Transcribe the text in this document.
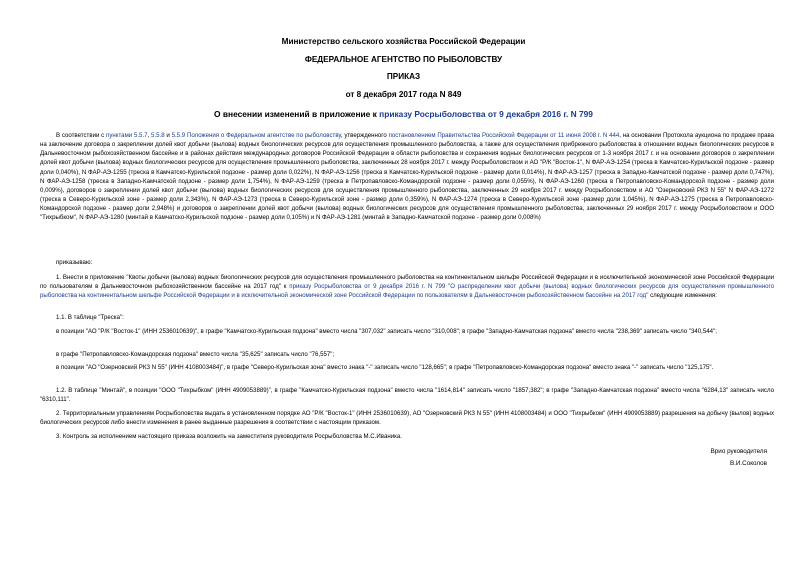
Министерство сельского хозяйства Российской Федерации
ФЕДЕРАЛЬНОЕ АГЕНТСТВО ПО РЫБОЛОВСТВУ
ПРИКАЗ
от 8 декабря 2017 года N 849
О внесении изменений в приложение к приказу Росрыболовства от 9 декабря 2016 г. N 799

В соответствии с пунктами 5.5.7, 5.5.8 и 5.5.9 Положения о Федеральном агентстве по рыболовству, утвержденного постановлением Правительства Российской Федерации от 11 июня 2008 г. N 444, на основании Протокола аукциона по продаже права на заключение договора о закреплении долей квот добычи (вылова) водных биологических ресурсов для осуществления промышленного рыболовства, а также для осуществления прибрежного рыболовства в отношении водных биологических ресурсов в Дальневосточном рыбохозяйственном бассейне и в районах действия международных договоров Российской Федерации в области рыболовства и сохранения водных биологических ресурсов от 1-3 ноября 2017 г. и на основании договоров о закреплении долей квот добычи (вылова) водных биологических ресурсов для осуществления промышленного рыболовства, заключенных 28 ноября 2017 г. между Росрыболовством и АО "Р/К "Восток-1", N ФАР-АЭ-1254 (треска в Камчатско-Курильской подзоне - размер доли 0,040%), N ФАР-АЭ-1255 (треска в Камчатско-Курильской подзоне - размер доли 0,022%), N ФАР-АЭ-1256 (треска в Камчатско-Курильской подзоне - размер доли 0,014%), N ФАР-АЭ-1257 (треска в Западно-Камчатской подзоне - размер доли 0,747%), N ФАР-АЭ-1258 (треска в Западно-Камчатской подзоне - размер доли 1,754%), N ФАР-АЭ-1259 (треска в Петропавловско-Командорской подзоне - размер доли 0,055%), N ФАР-АЭ-1260 (треска в Петропавловско-Командорской подзоне - размер доли 0,009%), договоров о закреплении долей квот добычи (вылова) водных биологических ресурсов для осуществления промышленного рыболовства, заключенных 29 ноября 2017 г. между Росрыболовством и АО "Озерновский РКЗ N 55" N ФАР-АЭ-1272 (треска в Северо-Курильской зоне - размер доли 2,343%), N ФАР-АЭ-1273 (треска в Северо-Курильской зоне - размер доли 0,359%), N ФАР-АЭ-1274 (треска в Северо-Курильской зоне -размер доли 1,045%), N ФАР-АЭ-1275 (треска в Петропавловско-Командорской подзоне - размер доли 2,948%) и договоров о закреплении долей квот добычи (вылова) водных биологических ресурсов для осуществления промышленного рыболовства, заключенных 29 ноября 2017 г. между Росрыболовством и ООО "Тихрыбком", N ФАР-АЭ-1280 (минтай в Камчатско-Курильской подзоне - размер доли 0,105%) и N ФАР-АЭ-1281 (минтай в Западно-Камчатской подзоне - размер доли 0,008%)

приказываю:

1. Внести в приложение "Квоты добычи (вылова) водных биологических ресурсов для осуществления промышленного рыболовства на континентальном шельфе Российской Федерации и в исключительной экономической зоне Российской Федерации по пользователям в Дальневосточном рыбохозяйственном бассейне на 2017 год" к приказу Росрыболовства от 9 декабря 2016 г. N 799 "О распределении квот добычи (вылова) водных биологических ресурсов для осуществления промышленного рыболовства на континентальном шельфе Российской Федерации и в исключительной экономической зоне Российской Федерации по пользователям в Дальневосточном рыбохозяйственном бассейне на 2017 год" следующие изменения:

1.1. В таблице "Треска":

в позиции "АО "Р/К "Восток-1" (ИНН 2536010639)", в графе "Камчатско-Курильская подзона" вместо числа "307,032" записать число "310,008"; в графе "Западно-Камчатская подзона" вместо числа "238,369" записать число "340,544";

в графе "Петропавловско-Командорская подзона" вместо числа "35,625" записать число "76,557";

в позиции "АО "Озерновский РКЗ N 55" (ИНН 4108003484)", в графе "Северо-Курильская зона" вместо знака "-" записать число "128,665"; в графе "Петропавловско-Командорская подзона" вместо знака "-" записать число "125,175".

1.2. В таблице "Минтай", в позиции "ООО "Тихрыбком" (ИНН 4909053889)", в графе "Камчатско-Курильская подзона" вместо числа "1614,814" записать число "1857,382"; в графе "Западно-Камчатская подзона" вместо числа "6284,13" записать число "6310,111".

2. Территориальным управлениям Росрыболовства выдать в установленном порядке АО "Р/К "Восток-1" (ИНН 2536010639), АО "Озерновский РКЗ N 55" (ИНН 4108003484) и ООО "Тихрыбком" (ИНН 4909053889) разрешения на добычу (вылов) водных биологических ресурсов либо внести изменения в ранее выданные разрешения в соответствии с настоящим приказом.

3. Контроль за исполнением настоящего приказа возложить на заместителя руководителя Росрыболовства М.С.Иваника.

Врио руководителя
В.И.Соколов
